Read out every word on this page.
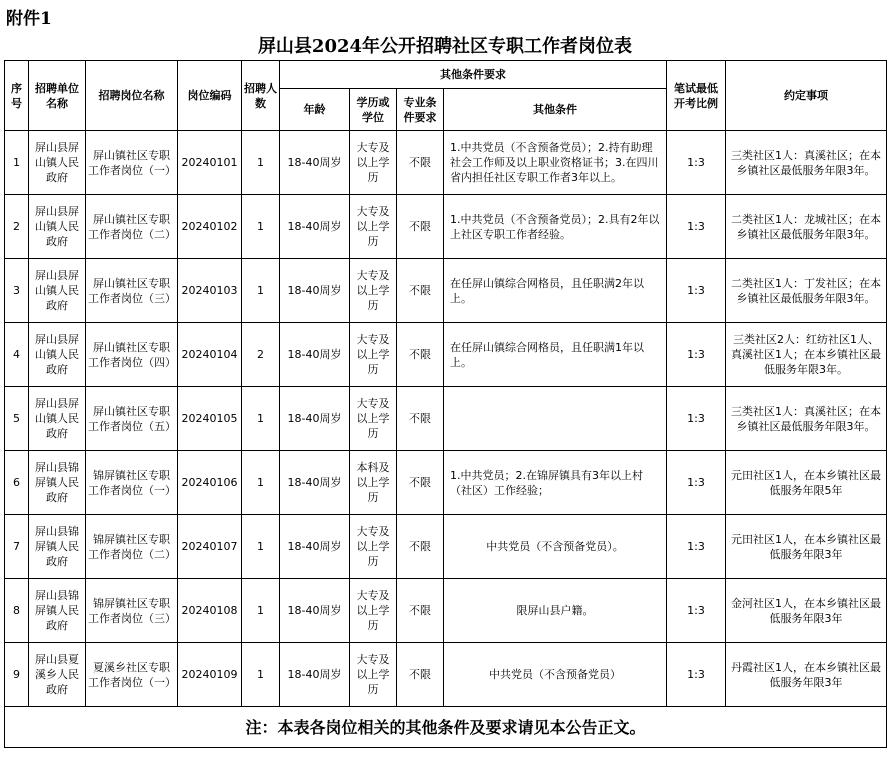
附件1
屏山县2024年公开招聘社区专职工作者岗位表
序号	招聘单位名称	招聘岗位名称	岗位编码	招聘人数	其他条件要求				笔试最低开考比例	约定事项
					年龄	学历或学位	专业条件要求	其他条件		
1	屏山县屏山镇人民政府	屏山镇社区专职工作者岗位（一）	20240101	1	18-40周岁	大专及以上学历	不限	1.中共党员（不含预备党员）；2.持有助理社会工作师及以上职业资格证书；3.在四川省内担任社区专职工作者3年以上。	1:3	三类社区1人：真溪社区；在本乡镇社区最低服务年限3年。
2	屏山县屏山镇人民政府	屏山镇社区专职工作者岗位（二）	20240102	1	18-40周岁	大专及以上学历	不限	1.中共党员（不含预备党员）；2.具有2年以上社区专职工作者经验。	1:3	二类社区1人：龙城社区；在本乡镇社区最低服务年限3年。
3	屏山县屏山镇人民政府	屏山镇社区专职工作者岗位（三）	20240103	1	18-40周岁	大专及以上学历	不限	在任屏山镇综合网格员，且任职满2年以上。	1:3	二类社区1人：丁发社区；在本乡镇社区最低服务年限3年。
4	屏山县屏山镇人民政府	屏山镇社区专职工作者岗位（四）	20240104	2	18-40周岁	大专及以上学历	不限	在任屏山镇综合网格员，且任职满1年以上。	1:3	三类社区2人：红纺社区1人、真溪社区1人；在本乡镇社区最低服务年限3年。
5	屏山县屏山镇人民政府	屏山镇社区专职工作者岗位（五）	20240105	1	18-40周岁	大专及以上学历	不限		1:3	三类社区1人：真溪社区；在本乡镇社区最低服务年限3年。
6	屏山县锦屏镇人民政府	锦屏镇社区专职工作者岗位（一）	20240106	1	18-40周岁	本科及以上学历	不限	1.中共党员；2.在锦屏镇具有3年以上村（社区）工作经验；	1:3	元田社区1人，在本乡镇社区最低服务年限5年
7	屏山县锦屏镇人民政府	锦屏镇社区专职工作者岗位（二）	20240107	1	18-40周岁	大专及以上学历	不限	中共党员（不含预备党员）。	1:3	元田社区1人，在本乡镇社区最低服务年限3年
8	屏山县锦屏镇人民政府	锦屏镇社区专职工作者岗位（三）	20240108	1	18-40周岁	大专及以上学历	不限	限屏山县户籍。	1:3	金河社区1人，在本乡镇社区最低服务年限3年
9	屏山县夏溪乡人民政府	夏溪乡社区专职工作者岗位（一）	20240109	1	18-40周岁	大专及以上学历	不限	中共党员（不含预备党员）	1:3	丹霞社区1人，在本乡镇社区最低服务年限3年
注：本表各岗位相关的其他条件及要求请见本公告正文。										
